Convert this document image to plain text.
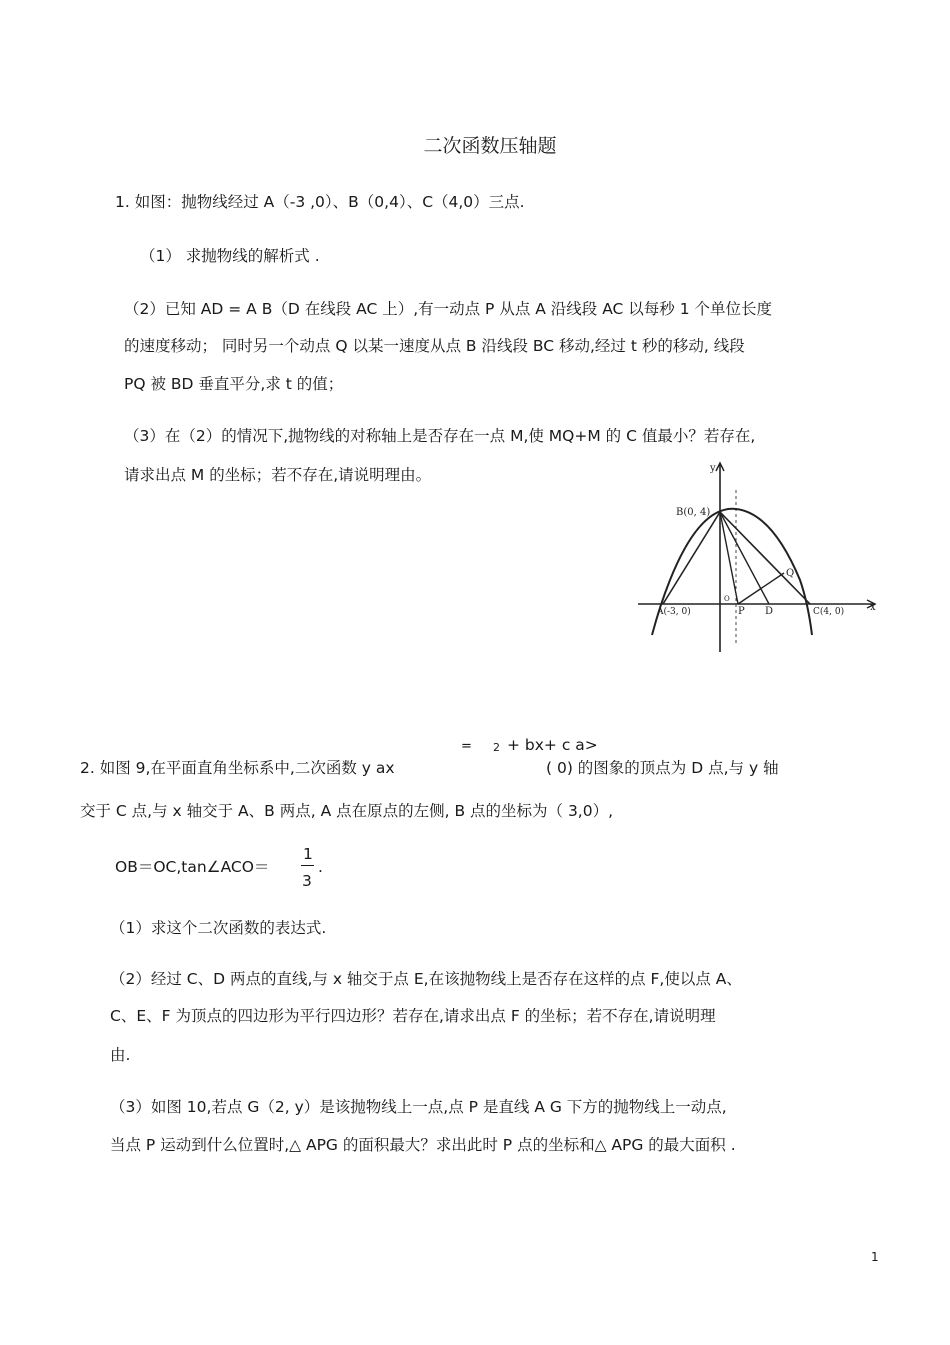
二次函数压轴题
1. 如图：抛物线经过 A（-3 ,0）、B（0,4）、C（4,0）三点.
（1） 求抛物线的解析式 .
（2）已知 AD = A B（D 在线段 AC 上）,有一动点 P 从点 A 沿线段 AC 以每秒 1 个单位长度
的速度移动； 同时另一个动点 Q 以某一速度从点 B 沿线段 BC 移动,经过 t 秒的移动, 线段
PQ 被 BD 垂直平分,求 t 的值；
（3）在（2）的情况下,抛物线的对称轴上是否存在一点 M,使 MQ+M 的 C 值最小？若存在,
请求出点 M 的坐标；若不存在,请说明理由。	y
x
B(0, 4)
A(-3, 0)	C(4, 0)
O
P D
Q
= 2 + bx+ c a>
2. 如图 9,在平面直角坐标系中,二次函数 y ax	( 0) 的图象的顶点为 D 点,与 y 轴
交于 C 点,与 x 轴交于 A、B 两点, A 点在原点的左侧, B 点的坐标为（ 3,0）,
OB＝OC,tan∠ACO＝
1
3
.
（1）求这个二次函数的表达式.
（2）经过 C、D 两点的直线,与 x 轴交于点 E,在该抛物线上是否存在这样的点 F,使以点 A、
C、E、F 为顶点的四边形为平行四边形？若存在,请求出点 F 的坐标；若不存在,请说明理
由.
（3）如图 10,若点 G（2, y）是该抛物线上一点,点 P 是直线 A G 下方的抛物线上一动点,
当点 P 运动到什么位置时,△ APG 的面积最大？求出此时 P 点的坐标和△ APG 的最大面积 .
1
